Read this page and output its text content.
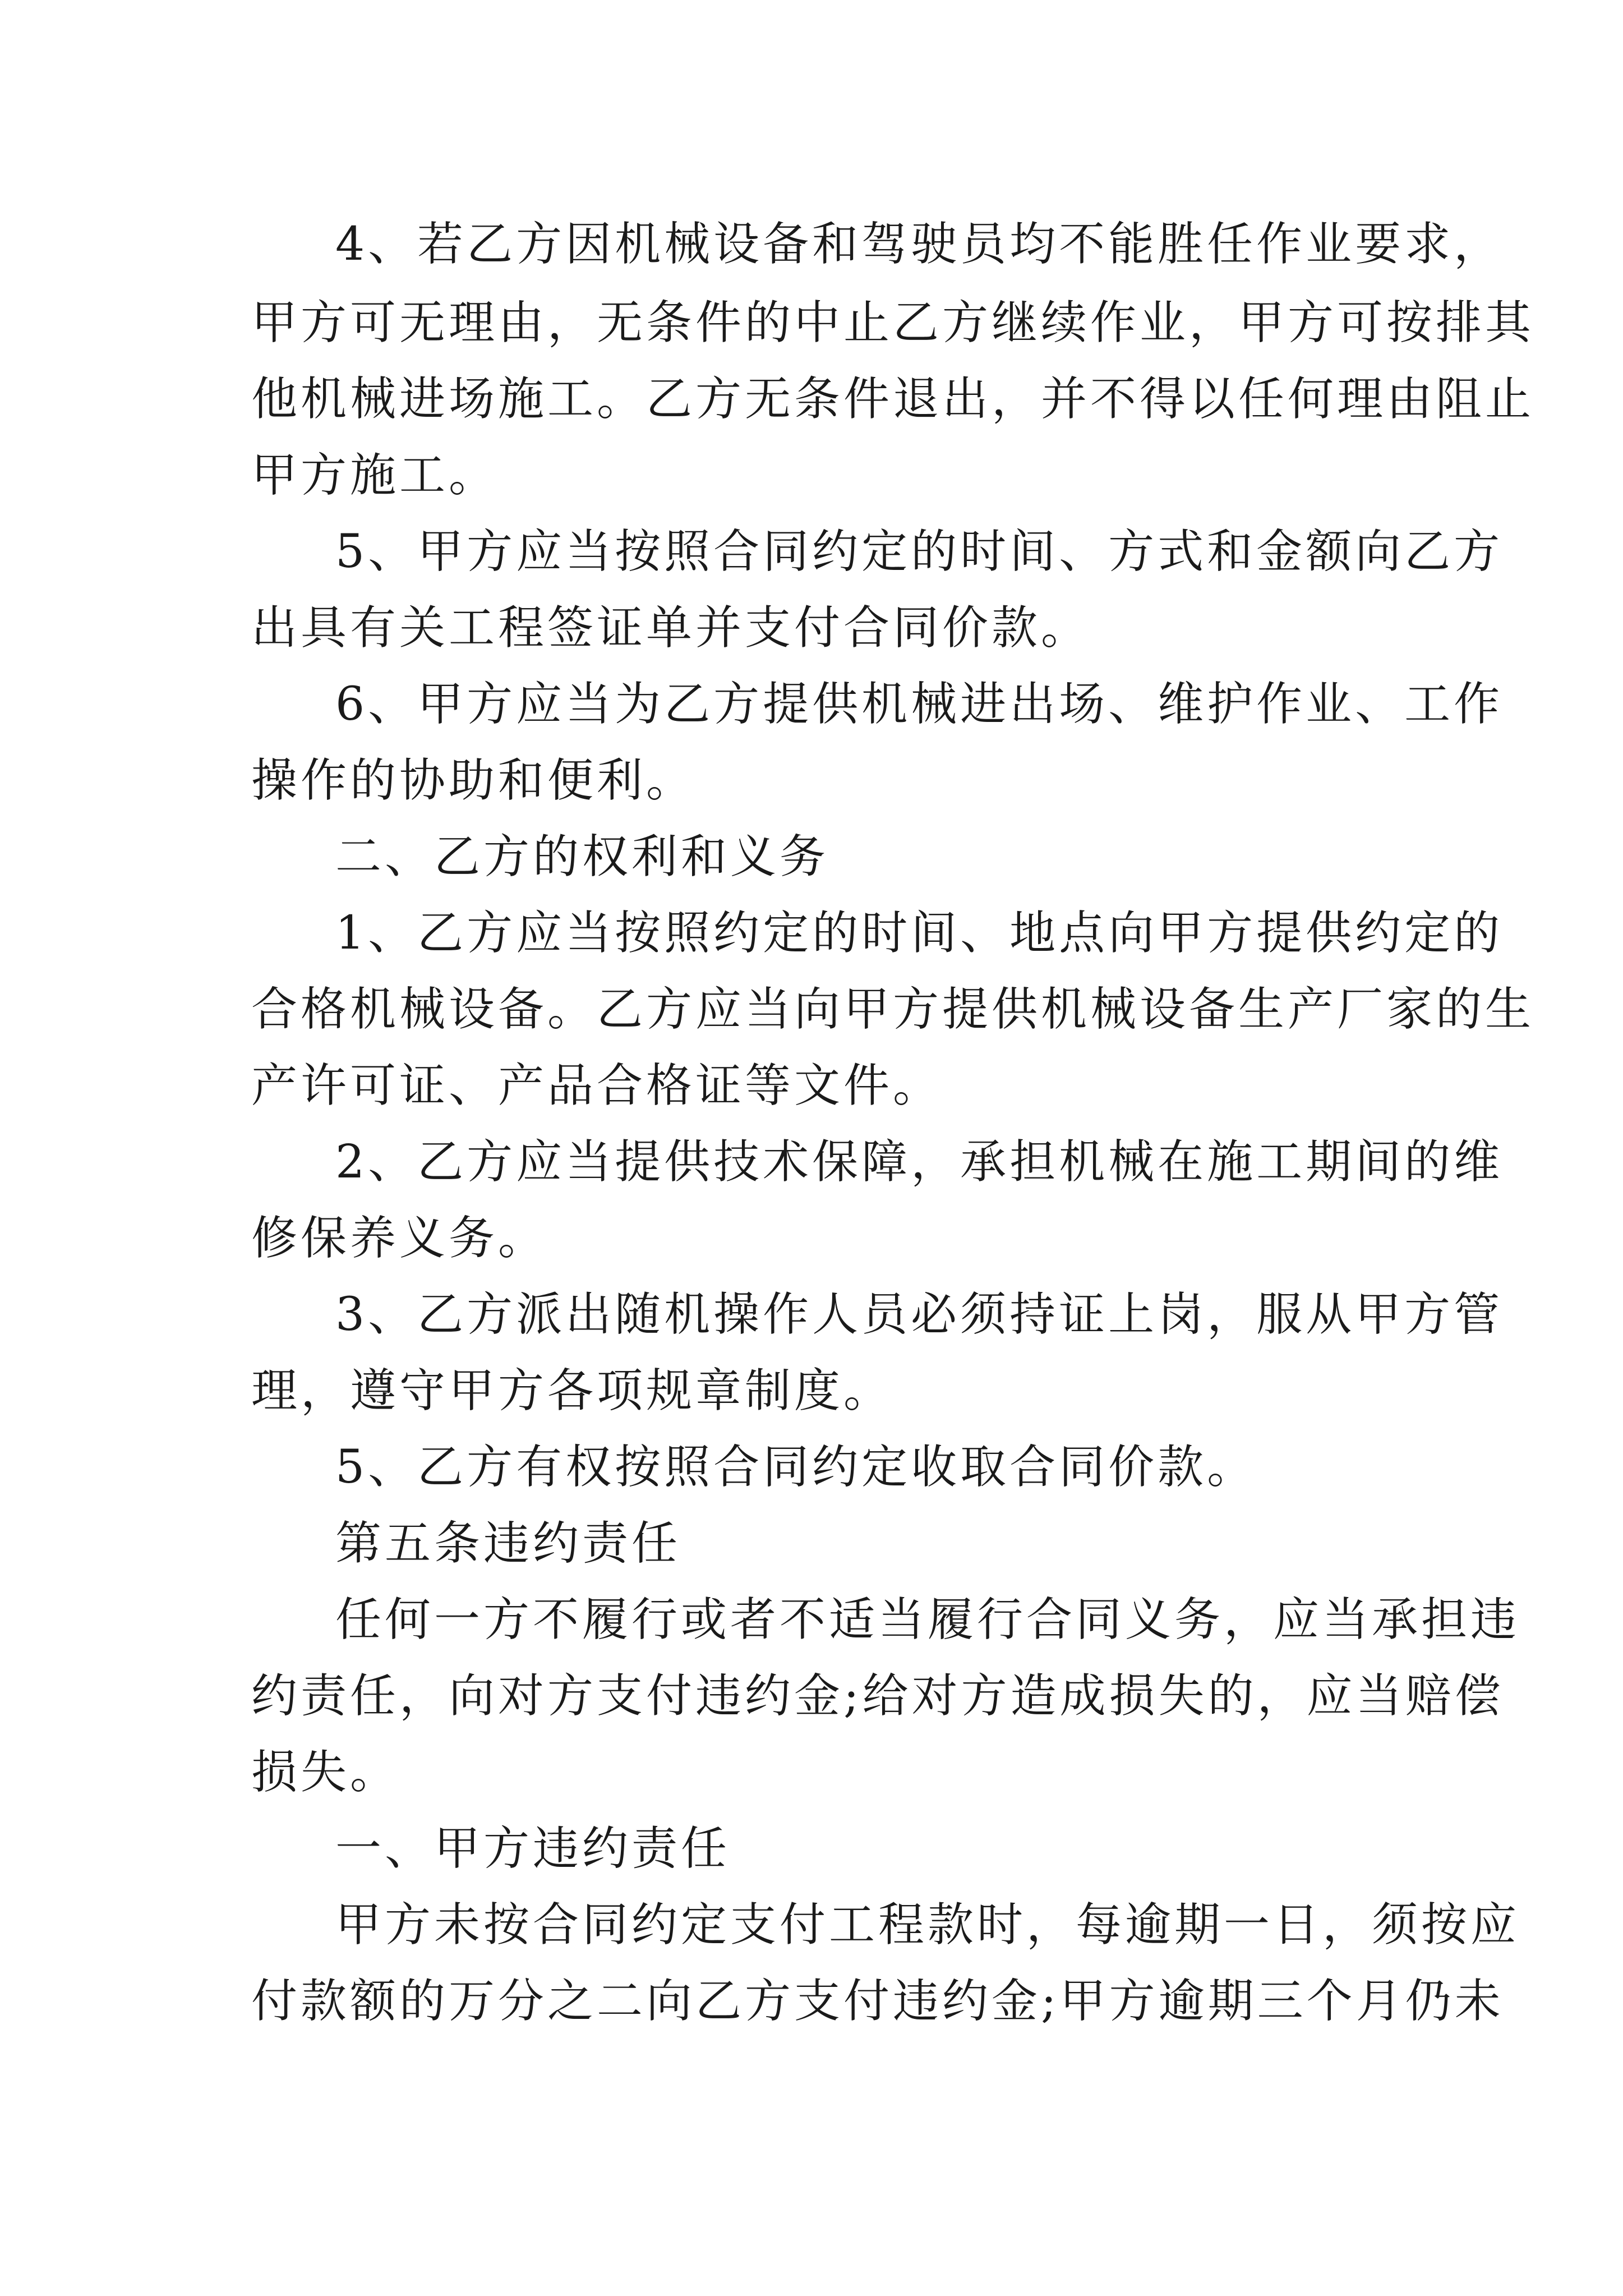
4、若乙方因机械设备和驾驶员均不能胜任作业要求，
甲方可无理由，无条件的中止乙方继续作业，甲方可按排其
他机械进场施工。乙方无条件退出，并不得以任何理由阻止
甲方施工。
5、甲方应当按照合同约定的时间、方式和金额向乙方
出具有关工程签证单并支付合同价款。
6、甲方应当为乙方提供机械进出场、维护作业、工作
操作的协助和便利。
二、乙方的权利和义务
1、乙方应当按照约定的时间、地点向甲方提供约定的
合格机械设备。乙方应当向甲方提供机械设备生产厂家的生
产许可证、产品合格证等文件。
2、乙方应当提供技术保障，承担机械在施工期间的维
修保养义务。
3、乙方派出随机操作人员必须持证上岗，服从甲方管
理，遵守甲方各项规章制度。
5、乙方有权按照合同约定收取合同价款。
第五条违约责任
任何一方不履行或者不适当履行合同义务，应当承担违
约责任，向对方支付违约金;给对方造成损失的，应当赔偿
损失。
一、甲方违约责任
甲方未按合同约定支付工程款时，每逾期一日，须按应
付款额的万分之二向乙方支付违约金;甲方逾期三个月仍未
